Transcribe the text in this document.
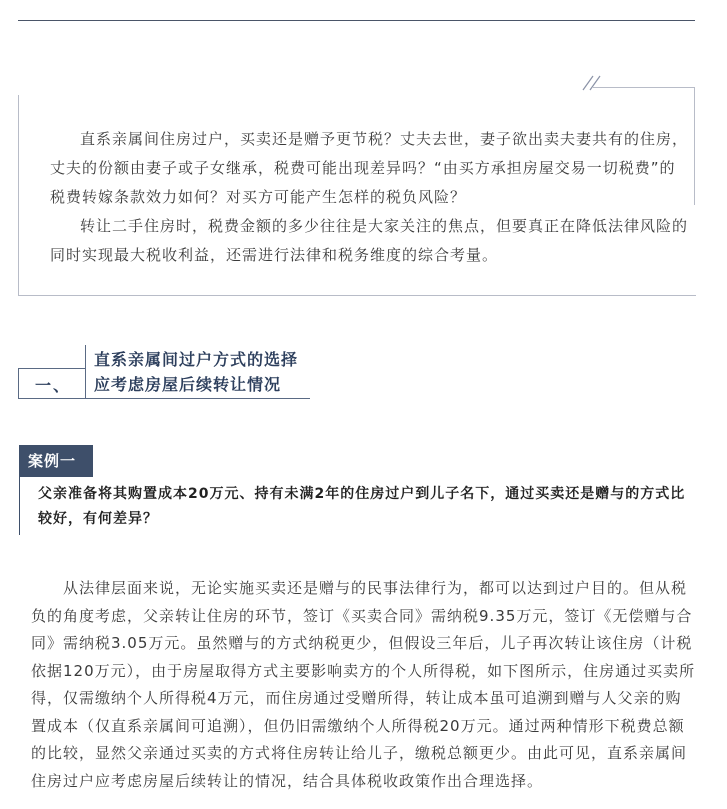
直系亲属间住房过户，买卖还是赠予更节税？丈夫去世，妻子欲出卖夫妻共有的住房，丈夫的份额由妻子或子女继承，税费可能出现差异吗？“由买方承担房屋交易一切税费”的税费转嫁条款效力如何？对买方可能产生怎样的税负风险？

转让二手住房时，税费金额的多少往往是大家关注的焦点，但要真正在降低法律风险的同时实现最大税收利益，还需进行法律和税务维度的综合考量。

一、
直系亲属间过户方式的选择
应考虑房屋后续转让情况
案例一
父亲准备将其购置成本20万元、持有未满2年的住房过户到儿子名下，通过买卖还是赠与的方式比较好，有何差异？

从法律层面来说，无论实施买卖还是赠与的民事法律行为，都可以达到过户目的。但从税负的角度考虑，父亲转让住房的环节，签订《买卖合同》需纳税9.35万元，签订《无偿赠与合同》需纳税3.05万元。虽然赠与的方式纳税更少，但假设三年后，儿子再次转让该住房（计税依据120万元），由于房屋取得方式主要影响卖方的个人所得税，如下图所示，住房通过买卖所得，仅需缴纳个人所得税4万元，而住房通过受赠所得，转让成本虽可追溯到赠与人父亲的购置成本（仅直系亲属间可追溯），但仍旧需缴纳个人所得税20万元。通过两种情形下税费总额的比较，显然父亲通过买卖的方式将住房转让给儿子，缴税总额更少。由此可见，直系亲属间住房过户应考虑房屋后续转让的情况，结合具体税收政策作出合理选择。
